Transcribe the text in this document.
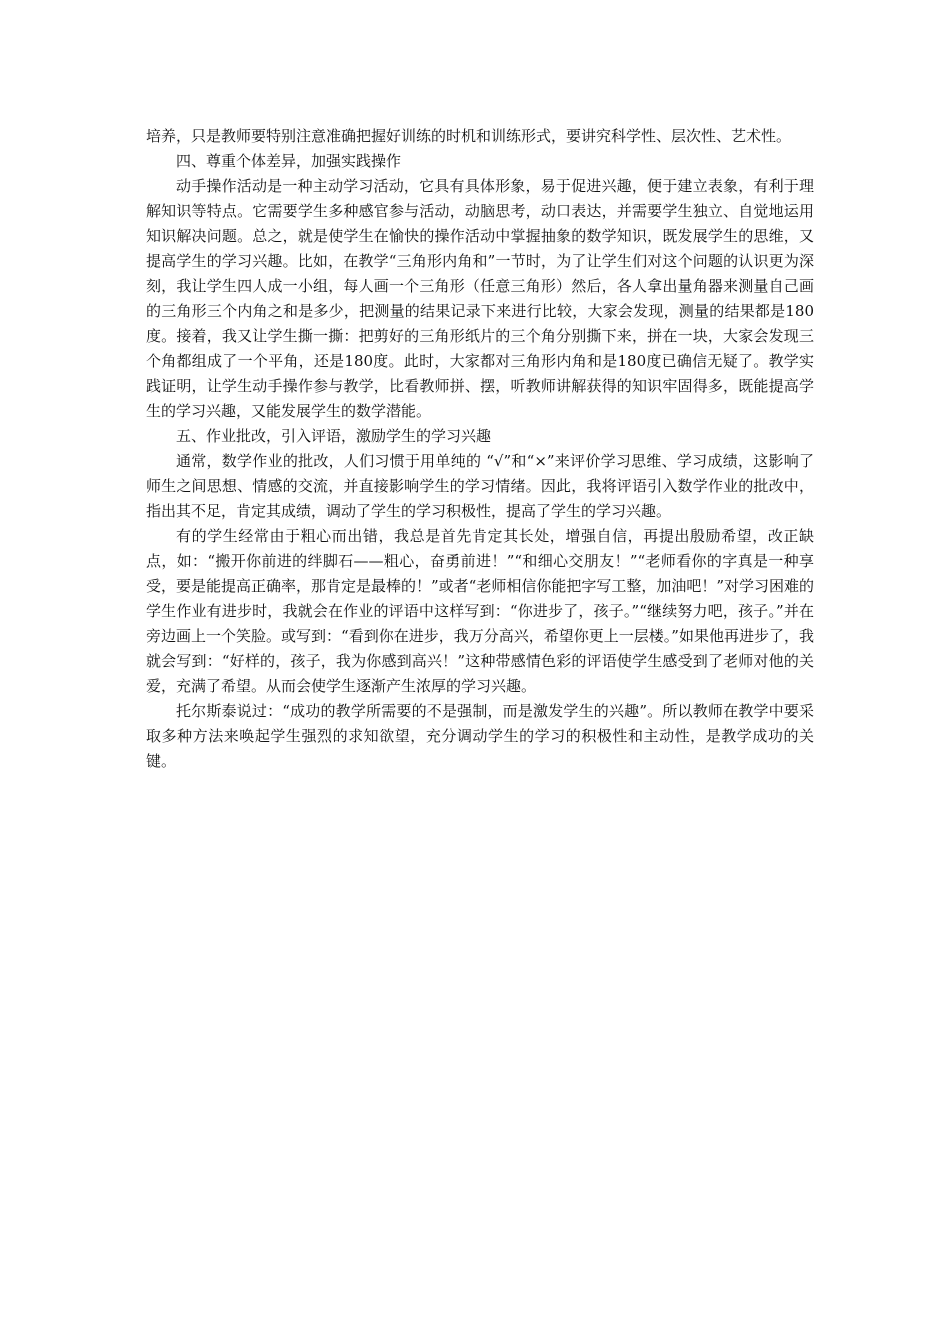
培养，只是教师要特别注意准确把握好训练的时机和训练形式，要讲究科学性、层次性、艺术性。

四、尊重个体差异，加强实践操作

动手操作活动是一种主动学习活动，它具有具体形象，易于促进兴趣，便于建立表象，有利于理解知识等特点。它需要学生多种感官参与活动，动脑思考，动口表达，并需要学生独立、自觉地运用知识解决问题。总之，就是使学生在愉快的操作活动中掌握抽象的数学知识，既发展学生的思维，又提高学生的学习兴趣。比如，在教学“三角形内角和”一节时，为了让学生们对这个问题的认识更为深刻，我让学生四人成一小组，每人画一个三角形（任意三角形）然后，各人拿出量角器来测量自己画的三角形三个内角之和是多少，把测量的结果记录下来进行比较，大家会发现，测量的结果都是180度。接着，我又让学生撕一撕：把剪好的三角形纸片的三个角分别撕下来，拼在一块，大家会发现三个角都组成了一个平角，还是180度。此时，大家都对三角形内角和是180度已确信无疑了。教学实践证明，让学生动手操作参与教学，比看教师拼、摆，听教师讲解获得的知识牢固得多，既能提高学生的学习兴趣，又能发展学生的数学潜能。

五、作业批改，引入评语，激励学生的学习兴趣

通常，数学作业的批改，人们习惯于用单纯的 “√”和“×”来评价学习思维、学习成绩，这影响了师生之间思想、情感的交流，并直接影响学生的学习情绪。因此，我将评语引入数学作业的批改中，指出其不足，肯定其成绩，调动了学生的学习积极性，提高了学生的学习兴趣。

有的学生经常由于粗心而出错，我总是首先肯定其长处，增强自信，再提出殷励希望，改正缺点，如：“搬开你前进的绊脚石——粗心，奋勇前进！”“和细心交朋友！”“老师看你的字真是一种享受，要是能提高正确率，那肯定是最棒的！”或者“老师相信你能把字写工整，加油吧！”对学习困难的学生作业有进步时，我就会在作业的评语中这样写到：“你进步了，孩子。”“继续努力吧，孩子。”并在旁边画上一个笑脸。或写到：“看到你在进步，我万分高兴，希望你更上一层楼。”如果他再进步了，我就会写到：“好样的，孩子，我为你感到高兴！”这种带感情色彩的评语使学生感受到了老师对他的关爱，充满了希望。从而会使学生逐渐产生浓厚的学习兴趣。

托尔斯泰说过：“成功的教学所需要的不是强制，而是激发学生的兴趣”。所以教师在教学中要采取多种方法来唤起学生强烈的求知欲望，充分调动学生的学习的积极性和主动性，是教学成功的关键。
